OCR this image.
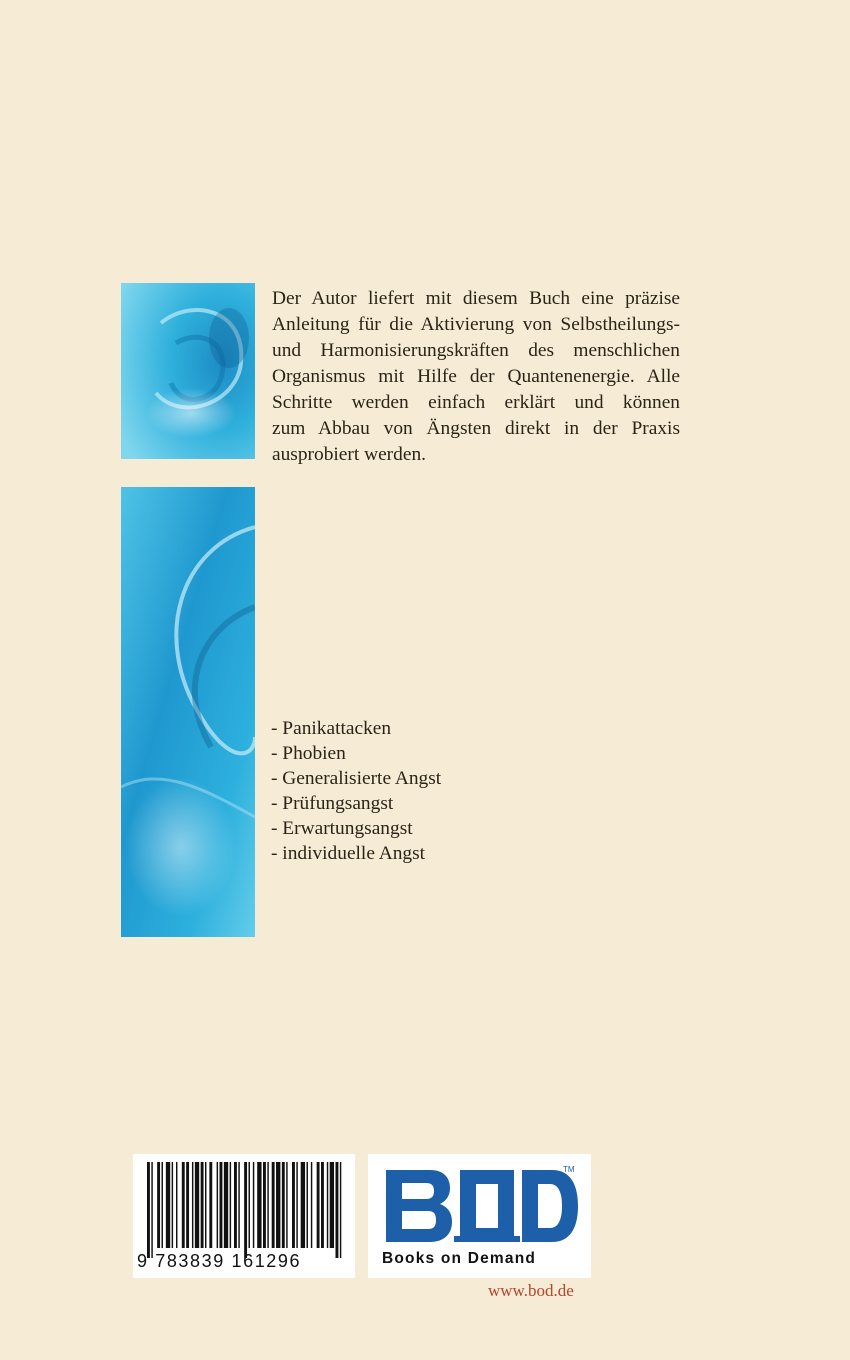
Der Autor liefert mit diesem Buch eine präzise
Anleitung für die Aktivierung von Selbstheilungs-
und Harmonisierungskräften des menschlichen
Organismus mit Hilfe der Quantenenergie. Alle
Schritte werden einfach erklärt und können
zum Abbau von Ängsten direkt in der Praxis
ausprobiert werden.

- Panikattacken
- Phobien
- Generalisierte Angst
- Prüfungsangst
- Erwartungsangst
- individuelle Angst
9 783839 161296
TM
Books on Demand
www.bod.de
